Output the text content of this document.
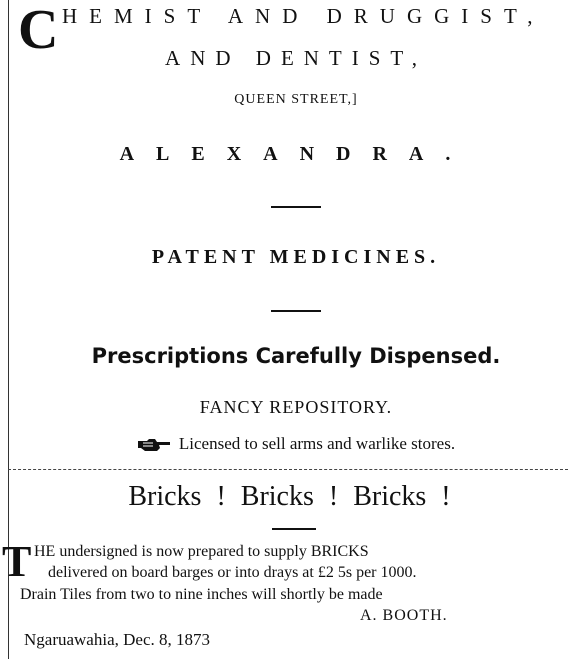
C HEMIST AND DRUGGIST,
AND DENTIST,
QUEEN STREET,]
ALEXANDRA.
PATENT MEDICINES.
Prescriptions Carefully Dispensed.
FANCY REPOSITORY.
Licensed to sell arms and warlike stores.
Bricks ! Bricks ! Bricks !
T HE undersigned is now prepared to supply BRICKS
delivered on board barges or into drays at £2 5s per 1000.
Drain Tiles from two to nine inches will shortly be made
A. BOOTH.
Ngaruawahia, Dec. 8, 1873
